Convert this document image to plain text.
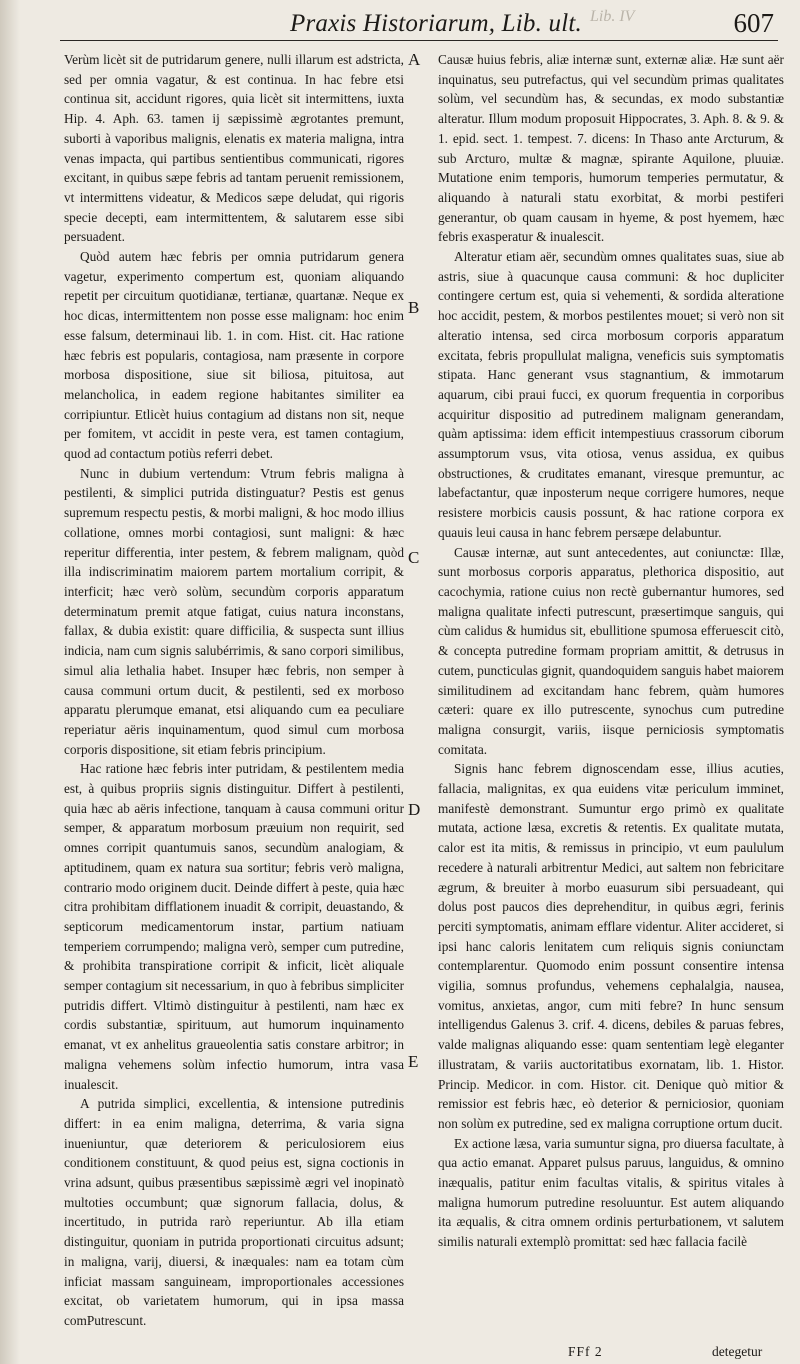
Lib. IV
Praxis Historiarum, Lib. ult.	607

Verùm licèt sit de putridarum genere, nulli illarum est adstricta, sed per omnia vagatur, & est continua. In hac febre etsi continua sit, accidunt rigores, quia licèt sit intermittens, iuxta Hip. 4. Aph. 63. tamen ij sæpissimè ægrotantes premunt, suborti à vaporibus malignis, elenatis ex materia maligna, intra venas impacta, qui partibus sentientibus communicati, rigores excitant, in quibus sæpe febris ad tantam peruenit remissionem, vt intermittens videatur, & Medicos sæpe deludat, qui rigoris specie decepti, eam intermittentem, & salutarem esse sibi persuadent.

Quòd autem hæc febris per omnia putridarum genera vagetur, experimento compertum est, quoniam aliquando repetit per circuitum quotidianæ, tertianæ, quartanæ. Neque ex hoc dicas, intermittentem non posse esse malignam: hoc enim esse falsum, determinaui lib. 1. in com. Hist. cit. Hac ratione hæc febris est popularis, contagiosa, nam præsente in corpore morbosa dispositione, siue sit biliosa, pituitosa, aut melancholica, in eadem regione habitantes similiter ea corripiuntur. Etlicèt huius contagium ad distans non sit, neque per fomitem, vt accidit in peste vera, est tamen contagium, quod ad contactum potiùs referri debet.

Nunc in dubium vertendum: Vtrum febris maligna à pestilenti, & simplici putrida distinguatur? Pestis est genus supremum respectu pestis, & morbi maligni, & hoc modo illius collatione, omnes morbi contagiosi, sunt maligni: & hæc reperitur differentia, inter pestem, & febrem malignam, quòd illa indiscriminatim maiorem partem mortalium corripit, & interficit; hæc verò solùm, secundùm corporis apparatum determinatum premit atque fatigat, cuius natura inconstans, fallax, & dubia existit: quare difficilia, & suspecta sunt illius indicia, nam cum signis salubérrimis, & sano corpori similibus, simul alia lethalia habet. Insuper hæc febris, non semper à causa communi ortum ducit, & pestilenti, sed ex morboso apparatu plerumque emanat, etsi aliquando cum ea peculiare reperiatur aëris inquinamentum, quod simul cum morbosa corporis dispositione, sit etiam febris principium.

Hac ratione hæc febris inter putridam, & pestilentem media est, à quibus propriis signis distinguitur. Differt à pestilenti, quia hæc ab aëris infectione, tanquam à causa communi oritur semper, & apparatum morbosum præuium non requirit, sed omnes corripit quantumuis sanos, secundùm analogiam, & aptitudinem, quam ex natura sua sortitur; febris verò maligna, contrario modo originem ducit. Deinde differt à peste, quia hæc citra prohibitam difflationem inuadit & corripit, deuastando, & septicorum medicamentorum instar, partium natiuam temperiem corrumpendo; maligna verò, semper cum putredine, & prohibita transpiratione corripit & inficit, licèt aliquale semper contagium sit necessarium, in quo à febribus simpliciter putridis differt. Vltimò distinguitur à pestilenti, nam hæc ex cordis substantiæ, spirituum, aut humorum inquinamento emanat, vt ex anhelitus graueolentia satis constare arbitror; in maligna vehemens solùm infectio humorum, intra vasa inualescit.

A putrida simplici, excellentia, & intensione putredinis differt: in ea enim maligna, deterrima, & varia signa inueniuntur, quæ deteriorem & periculosiorem eius conditionem constituunt, & quod peius est, signa coctionis in vrina adsunt, quibus præsentibus sæpissimè ægri vel inopinatò multoties occumbunt; quæ signorum fallacia, dolus, & incertitudo, in putrida rarò reperiuntur. Ab illa etiam distinguitur, quoniam in putrida proportionati circuitus adsunt; in maligna, varij, diuersi, & inæquales: nam ea totam cùm inficiat massam sanguineam, improportionales accessiones excitat, ob varietatem humorum, qui in ipsa massa comPutrescunt.

A
B
C
D
E

Causæ huius febris, aliæ internæ sunt, externæ aliæ. Hæ sunt aër inquinatus, seu putrefactus, qui vel secundùm primas qualitates solùm, vel secundùm has, & secundas, ex modo substantiæ alteratur. Illum modum proposuit Hippocrates, 3. Aph. 8. & 9. & 1. epid. sect. 1. tempest. 7. dicens: In Thaso ante Arcturum, & sub Arcturo, multæ & magnæ, spirante Aquilone, pluuiæ. Mutatione enim temporis, humorum temperies permutatur, & aliquando à naturali statu exorbitat, & morbi pestiferi generantur, ob quam causam in hyeme, & post hyemem, hæc febris exasperatur & inualescit.

Alteratur etiam aër, secundùm omnes qualitates suas, siue ab astris, siue à quacunque causa communi: & hoc dupliciter contingere certum est, quia si vehementi, & sordida alteratione hoc accidit, pestem, & morbos pestilentes mouet; si verò non sit alteratio intensa, sed circa morbosum corporis apparatum excitata, febris propullulat maligna, veneficis suis symptomatis stipata. Hanc generant vsus stagnantium, & immotarum aquarum, cibi praui fucci, ex quorum frequentia in corporibus acquiritur dispositio ad putredinem malignam generandam, quàm aptissima: idem efficit intempestiuus crassorum ciborum assumptorum vsus, vita otiosa, venus assidua, ex quibus obstructiones, & cruditates emanant, viresque premuntur, ac labefactantur, quæ inposterum neque corrigere humores, neque resistere morbicis causis possunt, & hac ratione corpora ex quauis leui causa in hanc febrem persæpe delabuntur.

Causæ internæ, aut sunt antecedentes, aut coniunctæ: Illæ, sunt morbosus corporis apparatus, plethorica dispositio, aut cacochymia, ratione cuius non rectè gubernantur humores, sed maligna qualitate infecti putrescunt, præsertimque sanguis, qui cùm calidus & humidus sit, ebullitione spumosa efferuescit citò, & concepta putredine formam propriam amittit, & detrusus in cutem, puncticulas gignit, quandoquidem sanguis habet maiorem similitudinem ad excitandam hanc febrem, quàm humores cæteri: quare ex illo putrescente, synochus cum putredine maligna consurgit, variis, iisque perniciosis symptomatis comitata.

Signis hanc febrem dignoscendam esse, illius acuties, fallacia, malignitas, ex qua euidens vitæ periculum imminet, manifestè demonstrant. Sumuntur ergo primò ex qualitate mutata, actione læsa, excretis & retentis. Ex qualitate mutata, calor est ita mitis, & remissus in principio, vt eum paululum recedere à naturali arbitrentur Medici, aut saltem non febricitare ægrum, & breuiter à morbo euasurum sibi persuadeant, qui dolus post paucos dies deprehenditur, in quibus ægri, ferinis perciti symptomatis, animam efflare videntur. Aliter accideret, si ipsi hanc caloris lenitatem cum reliquis signis coniunctam contemplarentur. Quomodo enim possunt consentire intensa vigilia, somnus profundus, vehemens cephalalgia, nausea, vomitus, anxietas, angor, cum miti febre? In hunc sensum intelligendus Galenus 3. crif. 4. dicens, debiles & paruas febres, valde malignas aliquando esse: quam sententiam legè eleganter illustratam, & variis auctoritatibus exornatam, lib. 1. Histor. Princip. Medicor. in com. Histor. cit. Denique quò mitior & remissior est febris hæc, eò deterior & perniciosior, quoniam non solùm ex putredine, sed ex maligna corruptione ortum ducit.

Ex actione læsa, varia sumuntur signa, pro diuersa facultate, à qua actio emanat. Apparet pulsus paruus, languidus, & omnino inæqualis, patitur enim facultas vitalis, & spiritus vitales à maligna humorum putredine resoluuntur. Est autem aliquando ita æqualis, & citra omnem ordinis perturbationem, vt salutem similis naturali extemplò promittat: sed hæc fallacia facilè

FFf 2	detegetur
